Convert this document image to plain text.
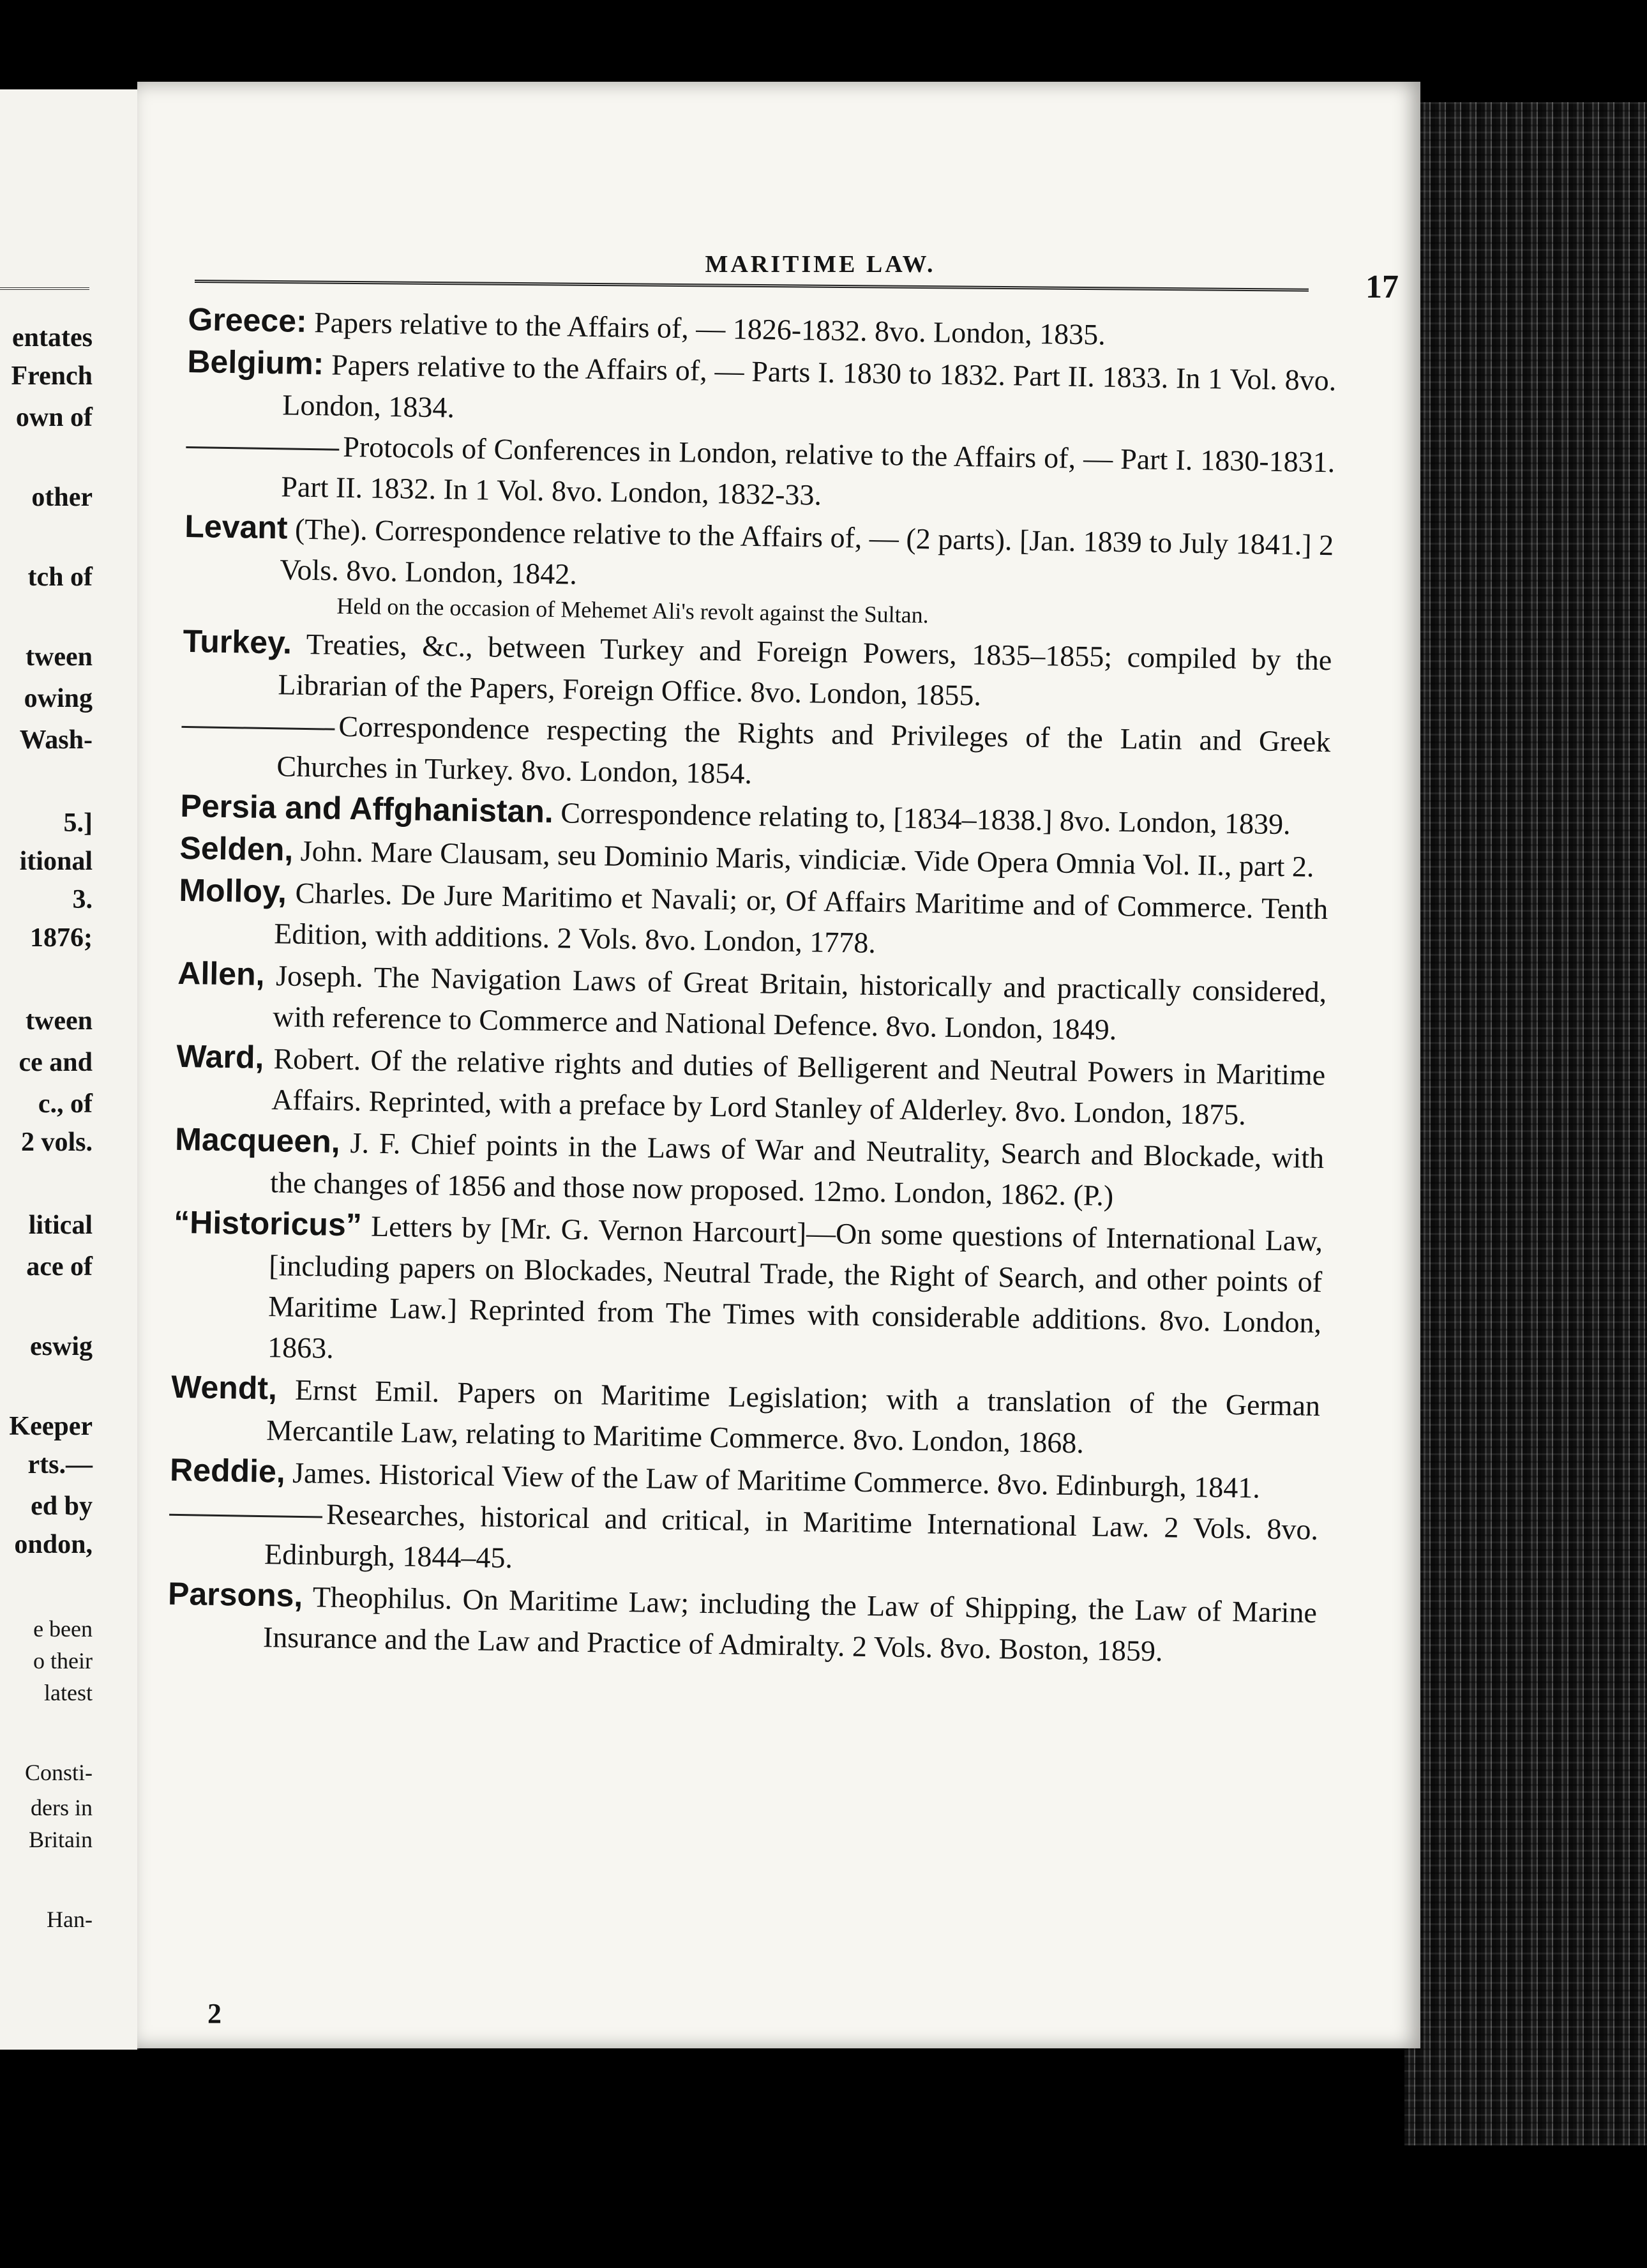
entates
French
own of
other
tch of
tween
owing
Wash-
5.]
itional
3.
1876;
tween
ce and
c., of
2 vols.
litical
ace of
eswig
Keeper
rts.—
ed by
ondon,
e been
o their
latest
Consti-
ders in
Britain
Han-
MARITIME LAW.
17

Greece: Papers relative to the Affairs of, — 1826-1832. 8vo. London, 1835.

Belgium: Papers relative to the Affairs of, — Parts I. 1830 to 1832. Part II. 1833. In 1 Vol. 8vo. London, 1834.

Protocols of Conferences in London, relative to the Affairs of, — Part I. 1830-1831. Part II. 1832. In 1 Vol. 8vo. London, 1832-33.

Levant (The). Correspondence relative to the Affairs of, — (2 parts). [Jan. 1839 to July 1841.] 2 Vols. 8vo. London, 1842.

Held on the occasion of Mehemet Ali's revolt against the Sultan.

Turkey. Treaties, &c., between Turkey and Foreign Powers, 1835–1855; compiled by the Librarian of the Papers, Foreign Office. 8vo. London, 1855.

Correspondence respecting the Rights and Privileges of the Latin and Greek Churches in Turkey. 8vo. London, 1854.

Persia and Affghanistan. Correspondence relating to, [1834–1838.] 8vo. London, 1839.

Selden, John. Mare Clausam, seu Dominio Maris, vindiciæ. Vide Opera Omnia Vol. II., part 2.

Molloy, Charles. De Jure Maritimo et Navali; or, Of Affairs Maritime and of Commerce. Tenth Edition, with additions. 2 Vols. 8vo. London, 1778.

Allen, Joseph. The Navigation Laws of Great Britain, historically and practically considered, with reference to Commerce and National Defence. 8vo. London, 1849.

Ward, Robert. Of the relative rights and duties of Belligerent and Neutral Powers in Maritime Affairs. Reprinted, with a preface by Lord Stanley of Alderley. 8vo. London, 1875.

Macqueen, J. F. Chief points in the Laws of War and Neutrality, Search and Blockade, with the changes of 1856 and those now proposed. 12mo. London, 1862. (P.)

“Historicus” Letters by [Mr. G. Vernon Harcourt]—On some questions of International Law, [including papers on Blockades, Neutral Trade, the Right of Search, and other points of Maritime Law.] Reprinted from The Times with considerable additions. 8vo. London, 1863.

Wendt, Ernst Emil. Papers on Maritime Legislation; with a translation of the German Mercantile Law, relating to Maritime Commerce. 8vo. London, 1868.

Reddie, James. Historical View of the Law of Maritime Commerce. 8vo. Edinburgh, 1841.

Researches, historical and critical, in Maritime International Law. 2 Vols. 8vo. Edinburgh, 1844–45.

Parsons, Theophilus. On Maritime Law; including the Law of Shipping, the Law of Marine Insurance and the Law and Practice of Admiralty. 2 Vols. 8vo. Boston, 1859.

2
